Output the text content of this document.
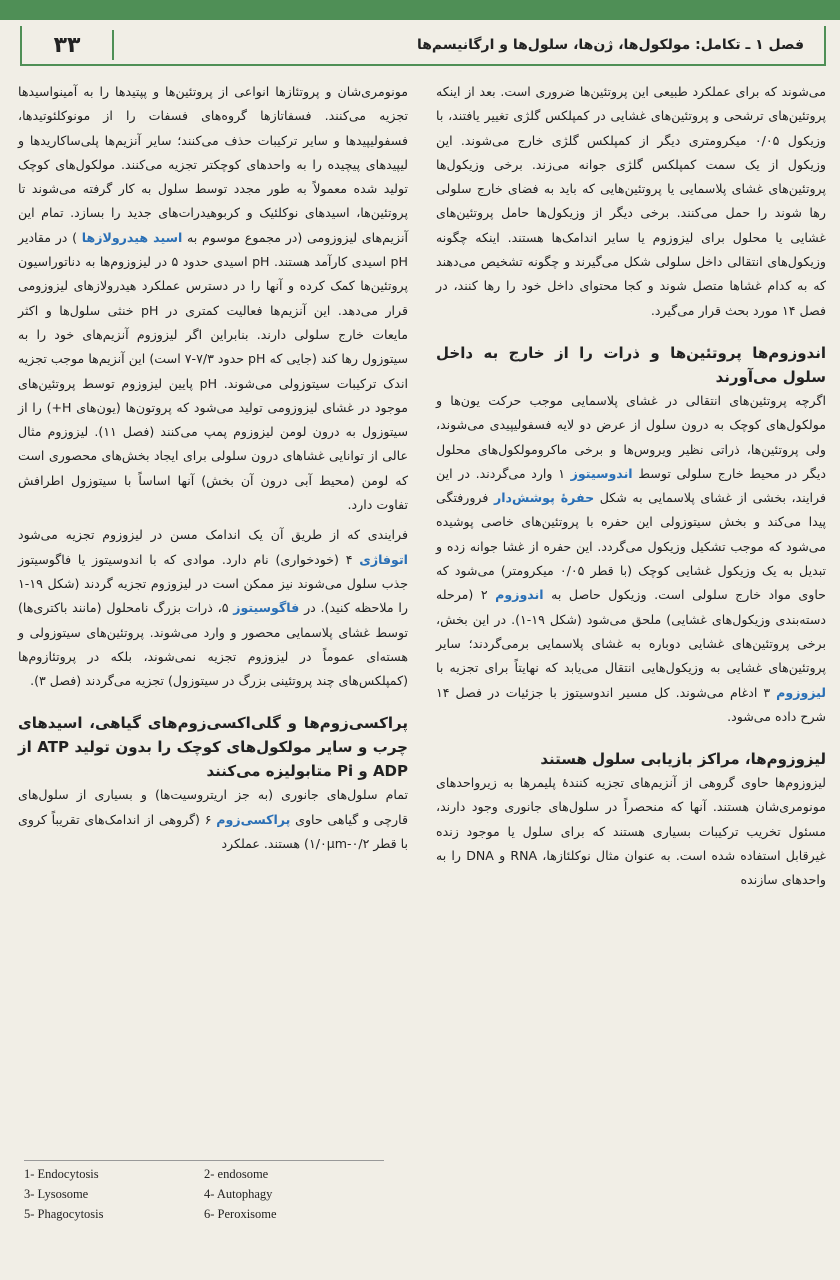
۳۳	فصل ۱ ـ تکامل: مولکول‌ها، ژن‌ها، سلول‌ها و ارگانیسم‌ها

می‌شوند که برای عملکرد طبیعی این پروتئین‌ها ضروری است. بعد از اینکه پروتئین‌های ترشحی و پروتئین‌های غشایی در کمپلکس گلژی تغییر یافتند، با وزیکول ۰/۰۵ میکرومتری دیگر از کمپلکس گلژی خارج می‌شوند. این وزیکول از یک سمت کمپلکس گلژی جوانه می‌زند. برخی وزیکول‌ها پروتئین‌های غشای پلاسمایی یا پروتئین‌هایی که باید به فضای خارج سلولی رها شوند را حمل می‌کنند. برخی دیگر از وزیکول‌ها حامل پروتئین‌های غشایی یا محلول برای لیزوزوم یا سایر اندامک‌ها هستند. اینکه چگونه وزیکول‌های انتقالی داخل سلولی شکل می‌گیرند و چگونه تشخیص می‌دهند که به کدام غشاها متصل شوند و کجا محتوای داخل خود را رها کنند، در فصل ۱۴ مورد بحث قرار می‌گیرد.

اندوزوم‌ها پروتئین‌ها و ذرات را از خارج به داخل سلول می‌آورند

اگرچه پروتئین‌های انتقالی در غشای پلاسمایی موجب حرکت یون‌ها و مولکول‌های کوچک به درون سلول از عرض دو لایه فسفولیپیدی می‌شوند، ولی پروتئین‌ها، ذراتی نظیر ویروس‌ها و برخی ماکرومولکول‌های محلول دیگر در محیط خارج سلولی توسط اندوسیتوز ۱ وارد می‌گردند. در این فرایند، بخشی از غشای پلاسمایی به شکل حفرهٔ پوشش‌دار فرورفتگی پیدا می‌کند و بخش سیتوزولی این حفره با پروتئین‌های خاصی پوشیده می‌شود که موجب تشکیل وزیکول می‌گردد. این حفره از غشا جوانه زده و تبدیل به یک وزیکول غشایی کوچک (با قطر ۰/۰۵ میکرومتر) می‌شود که حاوی مواد خارج سلولی است. وزیکول حاصل به اندوزوم ۲ (مرحله دسته‌بندی وزیکول‌های غشایی) ملحق می‌شود (شکل ۱۹-۱). در این بخش، برخی پروتئین‌های غشایی دوباره به غشای پلاسمایی برمی‌گردند؛ سایر پروتئین‌های غشایی به وزیکول‌هایی انتقال می‌یابد که نهایتاً برای تجزیه با لیزوزوم ۳ ادغام می‌شوند. کل مسیر اندوسیتوز با جزئیات در فصل ۱۴ شرح داده می‌شود.

لیزوزوم‌ها، مراکز بازیابی سلول هستند

لیزوزوم‌ها حاوی گروهی از آنزیم‌های تجزیه کنندهٔ پلیمرها به زیرواحدهای مونومری‌شان هستند. آنها که منحصراً در سلول‌های جانوری وجود دارند، مسئول تخریب ترکیبات بسیاری هستند که برای سلول یا موجود زنده غیرقابل استفاده شده است. به عنوان مثال نوکلئازها، RNA و DNA را به واحدهای سازنده

مونومری‌شان و پروتئازها انواعی از پروتئین‌ها و پپتیدها را به آمینواسیدها تجزیه می‌کنند. فسفاتازها گروه‌های فسفات را از مونوکلئوتیدها، فسفولیپیدها و سایر ترکیبات حذف می‌کنند؛ سایر آنزیم‌ها پلی‌ساکاریدها و لیپیدهای پیچیده را به واحدهای کوچکتر تجزیه می‌کنند. مولکول‌های کوچک تولید شده معمولاً به طور مجدد توسط سلول به کار گرفته می‌شوند تا پروتئین‌ها، اسیدهای نوکلئیک و کربوهیدرات‌های جدید را بسازد. تمام این آنزیم‌های لیزوزومی (در مجموع موسوم به اسید هیدرولازها ) در مقادیر pH اسیدی کارآمد هستند. pH اسیدی حدود ۵ در لیزوزوم‌ها به دناتوراسیون پروتئین‌ها کمک کرده و آنها را در دسترس عملکرد هیدرولازهای لیزوزومی قرار می‌دهد. این آنزیم‌ها فعالیت کمتری در pH خنثی سلول‌ها و اکثر مایعات خارج سلولی دارند. بنابراین اگر لیزوزوم آنزیم‌های خود را به سیتوزول رها کند (جایی که pH حدود ۷/۳-۷ است) این آنزیم‌ها موجب تجزیه اندک ترکیبات سیتوزولی می‌شوند. pH پایین لیزوزوم توسط پروتئین‌های موجود در غشای لیزوزومی تولید می‌شود که پروتون‌ها (یون‌های H+) را از سیتوزول به درون لومن لیزوزوم پمپ می‌کنند (فصل ۱۱). لیزوزوم مثال عالی از توانایی غشاهای درون سلولی برای ایجاد بخش‌های محصوری است که لومن (محیط آبی درون آن بخش) آنها اساساً با سیتوزول اطرافش تفاوت دارد.

فرایندی که از طریق آن یک اندامک مسن در لیزوزوم تجزیه می‌شود اتوفاژی ۴ (خودخواری) نام دارد. موادی که با اندوسیتوز یا فاگوسیتوز جذب سلول می‌شوند نیز ممکن است در لیزوزوم تجزیه گردند (شکل ۱۹-۱ را ملاحظه کنید). در فاگوسیتوز ۵، ذرات بزرگ نامحلول (مانند باکتری‌ها) توسط غشای پلاسمایی محصور و وارد می‌شوند. پروتئین‌های سیتوزولی و هسته‌ای عموماً در لیزوزوم تجزیه نمی‌شوند، بلکه در پروتئازوم‌ها (کمپلکس‌های چند پروتئینی بزرگ در سیتوزول) تجزیه می‌گردند (فصل ۳).

پراکسی‌زوم‌ها و گلی‌اکسی‌زوم‌های گیاهی، اسیدهای چرب و سایر مولکول‌های کوچک را بدون تولید ATP از ADP و Pi متابولیزه می‌کنند

تمام سلول‌های جانوری (به جز اریتروسیت‌ها) و بسیاری از سلول‌های قارچی و گیاهی حاوی پراکسی‌زوم ۶ (گروهی از اندامک‌های تقریباً کروی با قطر ۰/۲-۱/۰μm) هستند. عملکرد

1- Endocytosis	2- endosome
3- Lysosome	4- Autophagy
5- Phagocytosis	6- Peroxisome
